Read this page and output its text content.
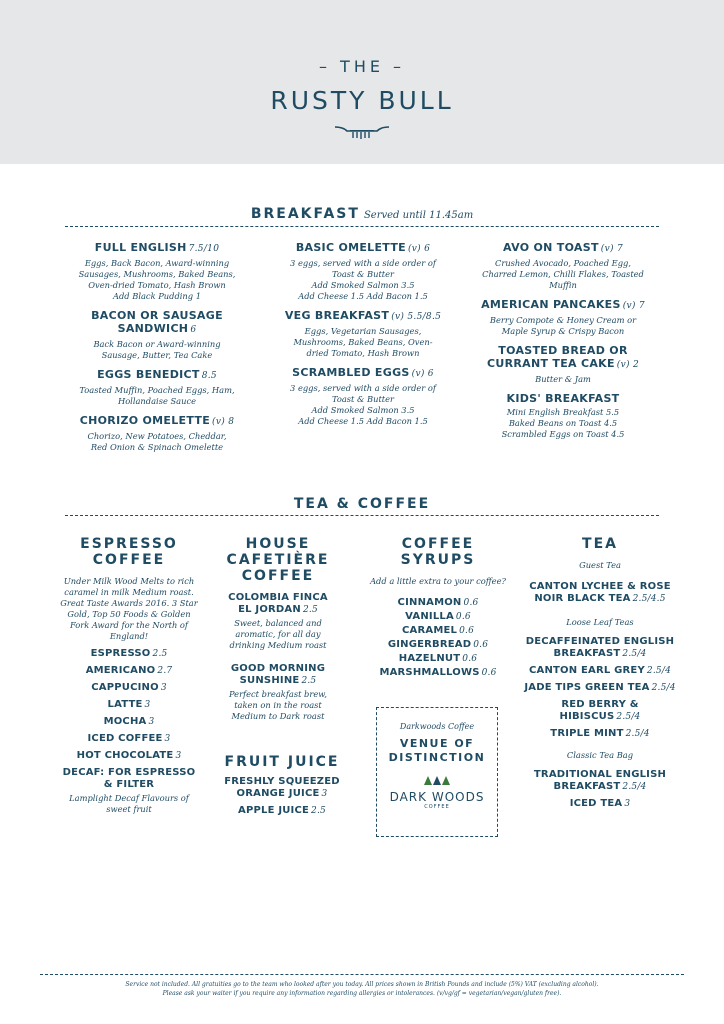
– THE –
RUSTY BULL
BREAKFAST Served until 11.45am
FULL ENGLISH 7.5/10
Eggs, Back Bacon, Award-winning Sausages, Mushrooms, Baked Beans, Oven-dried Tomato, Hash Brown
Add Black Pudding 1
BACON OR SAUSAGE SANDWICH 6
Back Bacon or Award-winning Sausage, Butter, Tea Cake
EGGS BENEDICT 8.5
Toasted Muffin, Poached Eggs, Ham, Hollandaise Sauce
CHORIZO OMELETTE (v) 8
Chorizo, New Potatoes, Cheddar, Red Onion & Spinach Omelette
BASIC OMELETTE (v) 6
3 eggs, served with a side order of Toast & Butter
Add Smoked Salmon 3.5
Add Cheese 1.5 Add Bacon 1.5
VEG BREAKFAST (v) 5.5/8.5
Eggs, Vegetarian Sausages, Mushrooms, Baked Beans, Oven-dried Tomato, Hash Brown
SCRAMBLED EGGS (v) 6
3 eggs, served with a side order of Toast & Butter
Add Smoked Salmon 3.5
Add Cheese 1.5 Add Bacon 1.5
AVO ON TOAST (v) 7
Crushed Avocado, Poached Egg, Charred Lemon, Chilli Flakes, Toasted Muffin
AMERICAN PANCAKES (v) 7
Berry Compote & Honey Cream or Maple Syrup & Crispy Bacon
TOASTED BREAD OR CURRANT TEA CAKE (v) 2
Butter & Jam
KIDS' BREAKFAST
Mini English Breakfast 5.5
Baked Beans on Toast 4.5
Scrambled Eggs on Toast 4.5
TEA & COFFEE
ESPRESSO COFFEE
Under Milk Wood Melts to rich caramel in milk Medium roast. Great Taste Awards 2016. 3 Star Gold, Top 50 Foods & Golden Fork Award for the North of England!
ESPRESSO 2.5
AMERICANO 2.7
CAPPUCINO 3
LATTE 3
MOCHA 3
ICED COFFEE 3
HOT CHOCOLATE 3
DECAF: FOR ESPRESSO & FILTER
Lamplight Decaf Flavours of sweet fruit
HOUSE CAFETIÈRE COFFEE
COLOMBIA FINCA EL JORDAN 2.5
Sweet, balanced and aromatic, for all day drinking Medium roast
GOOD MORNING SUNSHINE 2.5
Perfect breakfast brew, taken on in the roast Medium to Dark roast
FRUIT JUICE
FRESHLY SQUEEZED ORANGE JUICE 3
APPLE JUICE 2.5
COFFEE SYRUPS
Add a little extra to your coffee?
CINNAMON 0.6
VANILLA 0.6
CARAMEL 0.6
GINGERBREAD 0.6
HAZELNUT 0.6
MARSHMALLOWS 0.6
Darkwoods Coffee
VENUE OF DISTINCTION
DARK WOODS
COFFEE
TEA
Guest Tea
CANTON LYCHEE & ROSE NOIR BLACK TEA 2.5/4.5
Loose Leaf Teas
DECAFFEINATED ENGLISH BREAKFAST 2.5/4
CANTON EARL GREY 2.5/4
JADE TIPS GREEN TEA 2.5/4
RED BERRY & HIBISCUS 2.5/4
TRIPLE MINT 2.5/4
Classic Tea Bag
TRADITIONAL ENGLISH BREAKFAST 2.5/4
ICED TEA 3
Service not included. All gratuities go to the team who looked after you today. All prices shown in British Pounds and include (5%) VAT (excluding alcohol).
Please ask your waiter if you require any information regarding allergies or intolerances. (v/vg/gf = vegetarian/vegan/gluten free).
